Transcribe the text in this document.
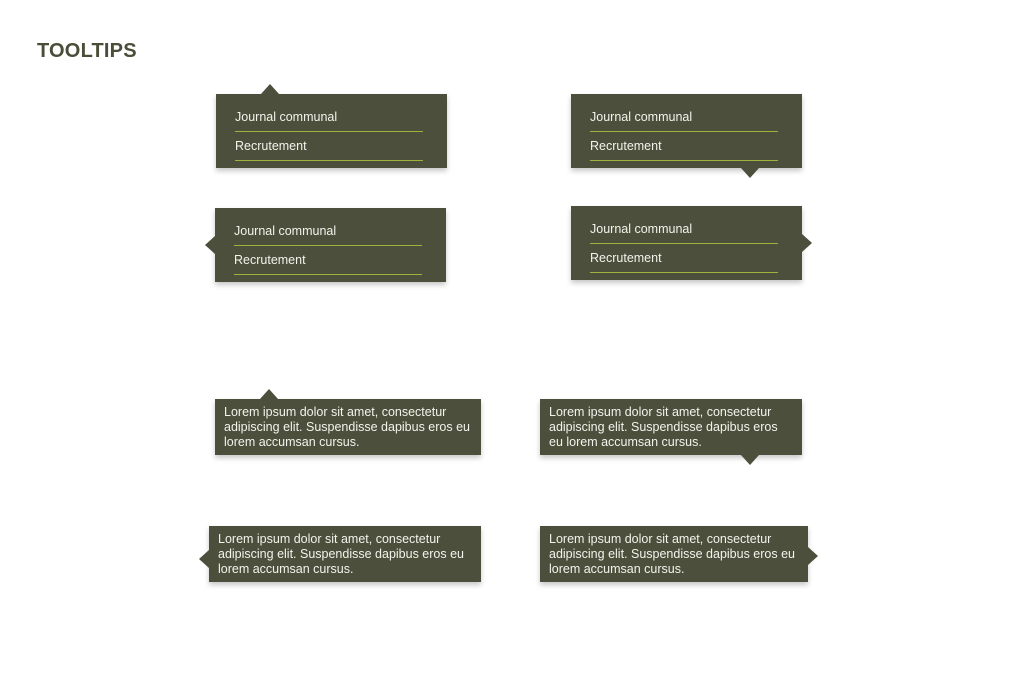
TOOLTIPS
Journal communal
Recrutement
Journal communal
Recrutement
Journal communal
Recrutement
Journal communal
Recrutement

Lorem ipsum dolor sit amet, consectetur adipiscing elit. Suspendisse dapibus eros eu lorem accumsan cursus.

Lorem ipsum dolor sit amet, consectetur adipiscing elit. Suspendisse dapibus eros eu lorem accumsan cursus.

Lorem ipsum dolor sit amet, consectetur adipiscing elit. Suspendisse dapibus eros eu lorem accumsan cursus.

Lorem ipsum dolor sit amet, consectetur adipiscing elit. Suspendisse dapibus eros eu lorem accumsan cursus.
